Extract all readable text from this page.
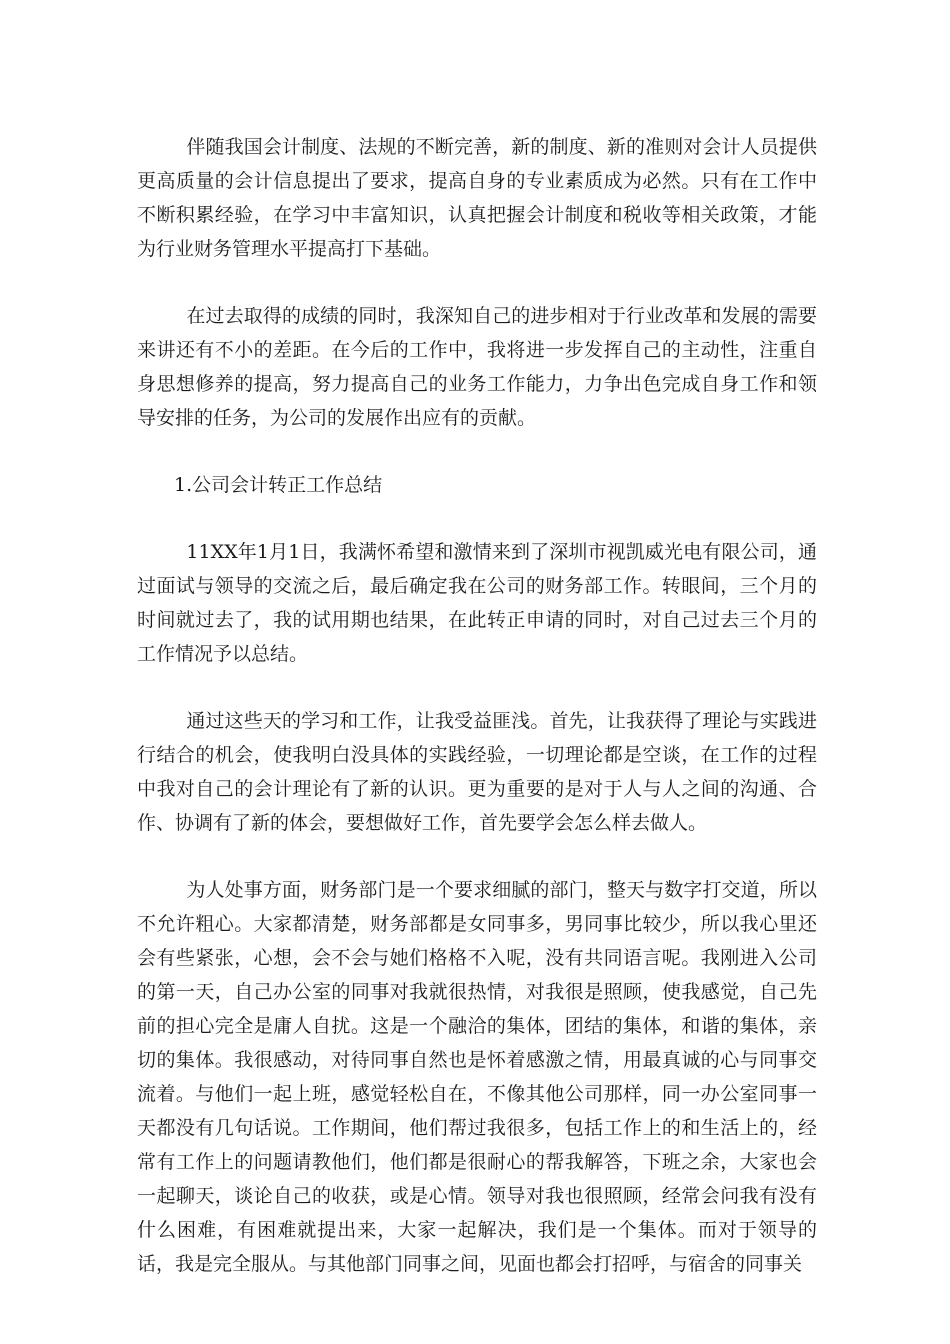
伴随我国会计制度、法规的不断完善，新的制度、新的准则对会计人员提供更高质量的会计信息提出了要求，提高自身的专业素质成为必然。只有在工作中不断积累经验，在学习中丰富知识，认真把握会计制度和税收等相关政策，才能为行业财务管理水平提高打下基础。

在过去取得的成绩的同时，我深知自己的进步相对于行业改革和发展的需要来讲还有不小的差距。在今后的工作中，我将进一步发挥自己的主动性，注重自身思想修养的提高，努力提高自己的业务工作能力，力争出色完成自身工作和领导安排的任务，为公司的发展作出应有的贡献。

1.公司会计转正工作总结

11XX年1月1日，我满怀希望和激情来到了深圳市视凯威光电有限公司，通过面试与领导的交流之后，最后确定我在公司的财务部工作。转眼间，三个月的时间就过去了，我的试用期也结果，在此转正申请的同时，对自己过去三个月的工作情况予以总结。

通过这些天的学习和工作，让我受益匪浅。首先，让我获得了理论与实践进行结合的机会，使我明白没具体的实践经验，一切理论都是空谈，在工作的过程中我对自己的会计理论有了新的认识。更为重要的是对于人与人之间的沟通、合作、协调有了新的体会，要想做好工作，首先要学会怎么样去做人。

为人处事方面，财务部门是一个要求细腻的部门，整天与数字打交道，所以不允许粗心。大家都清楚，财务部都是女同事多，男同事比较少，所以我心里还会有些紧张，心想，会不会与她们格格不入呢，没有共同语言呢。我刚进入公司的第一天，自己办公室的同事对我就很热情，对我很是照顾，使我感觉，自己先前的担心完全是庸人自扰。这是一个融洽的集体，团结的集体，和谐的集体，亲切的集体。我很感动，对待同事自然也是怀着感激之情，用最真诚的心与同事交流着。与他们一起上班，感觉轻松自在，不像其他公司那样，同一办公室同事一天都没有几句话说。工作期间，他们帮过我很多，包括工作上的和生活上的，经常有工作上的问题请教他们，他们都是很耐心的帮我解答，下班之余，大家也会一起聊天，谈论自己的收获，或是心情。领导对我也很照顾，经常会问我有没有什么困难，有困难就提出来，大家一起解决，我们是一个集体。而对于领导的话，我是完全服从。与其他部门同事之间，见面也都会打招呼，与宿舍的同事关
